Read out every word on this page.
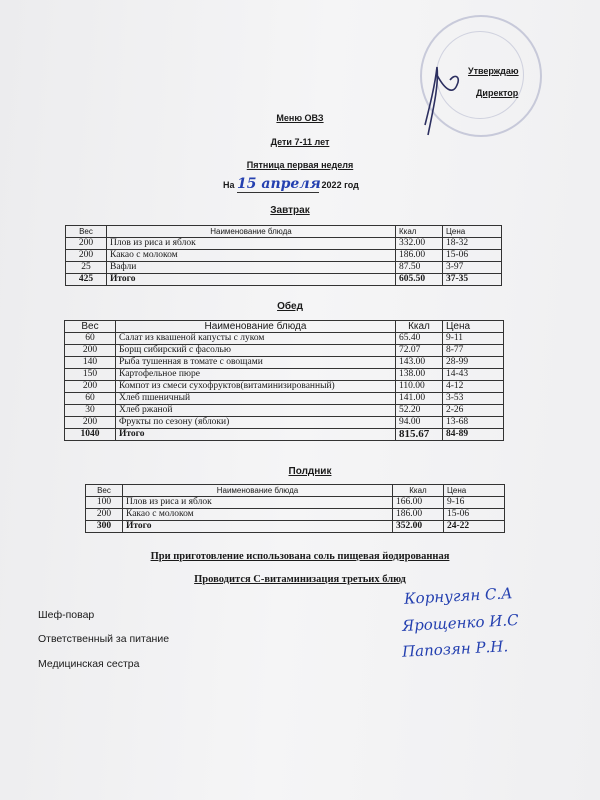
Утверждаю
Директор
Меню ОВЗ
Дети 7-11 лет
Пятница первая неделя
На 15 апреля 2022 год
Завтрак
Вес	Наименование блюда	Ккал	Цена
200	Плов из риса и яблок	332.00	18-32
200	Какао с молоком	186.00	15-06
25	Вафли	87.50	3-97
425	Итого	605.50	37-35
Обед
Вес	Наименование блюда	Ккал	Цена
60	Салат из квашеной капусты с луком	65.40	9-11
200	Борщ сибирский с фасолью	72.07	8-77
140	Рыба тушенная в томате с овощами	143.00	28-99
150	Картофельное пюре	138.00	14-43
200	Компот из смеси сухофруктов(витаминизированный)	110.00	4-12
60	Хлеб пшеничный	141.00	3-53
30	Хлеб ржаной	52.20	2-26
200	Фрукты по сезону (яблоки)	94.00	13-68
1040	Итого	815.67	84-89
Полдник
Вес	Наименование блюда	Ккал	Цена
100	Плов из риса и яблок	166.00	9-16
200	Какао с молоком	186.00	15-06
300	Итого	352.00	24-22
При приготовление использована соль пищевая йодированная
Проводится С-витаминизация третьих блюд
Шеф-повар
Ответственный за питание
Медицинская сестра
Корнугян С.А
Ярощенко И.С
Папозян Р.Н.
